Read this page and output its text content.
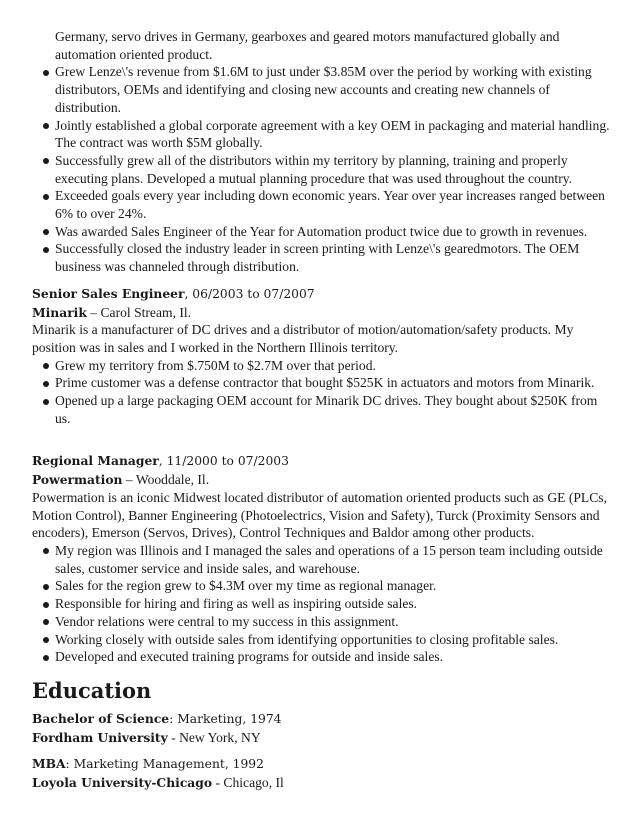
Germany, servo drives in Germany, gearboxes and geared motors manufactured globally and automation oriented product.

Grew Lenze\'s revenue from $1.6M to just under $3.85M over the period by working with existing distributors, OEMs and identifying and closing new accounts and creating new channels of distribution.
Jointly established a global corporate agreement with a key OEM in packaging and material handling. The contract was worth $5M globally.
Successfully grew all of the distributors within my territory by planning, training and properly executing plans. Developed a mutual planning procedure that was used throughout the country.
Exceeded goals every year including down economic years. Year over year increases ranged between 6% to over 24%.
Was awarded Sales Engineer of the Year for Automation product twice due to growth in revenues.
Successfully closed the industry leader in screen printing with Lenze\'s gearedmotors. The OEM business was channeled through distribution.
Senior Sales Engineer, 06/2003 to 07/2007
Minarik – Carol Stream, Il.

Minarik is a manufacturer of DC drives and a distributor of motion/automation/safety products. My position was in sales and I worked in the Northern Illinois territory.

Grew my territory from $.750M to $2.7M over that period.
Prime customer was a defense contractor that bought $525K in actuators and motors from Minarik.
Opened up a large packaging OEM account for Minarik DC drives. They bought about $250K from us.
Regional Manager, 11/2000 to 07/2003
Powermation – Wooddale, Il.

Powermation is an iconic Midwest located distributor of automation oriented products such as GE (PLCs, Motion Control), Banner Engineering (Photoelectrics, Vision and Safety), Turck (Proximity Sensors and encoders), Emerson (Servos, Drives), Control Techniques and Baldor among other products.

My region was Illinois and I managed the sales and operations of a 15 person team including outside sales, customer service and inside sales, and warehouse.
Sales for the region grew to $4.3M over my time as regional manager.
Responsible for hiring and firing as well as inspiring outside sales.
Vendor relations were central to my success in this assignment.
Working closely with outside sales from identifying opportunities to closing profitable sales.
Developed and executed training programs for outside and inside sales.
Education
Bachelor of Science: Marketing, 1974
Fordham University - New York, NY
MBA: Marketing Management, 1992
Loyola University-Chicago - Chicago, Il
